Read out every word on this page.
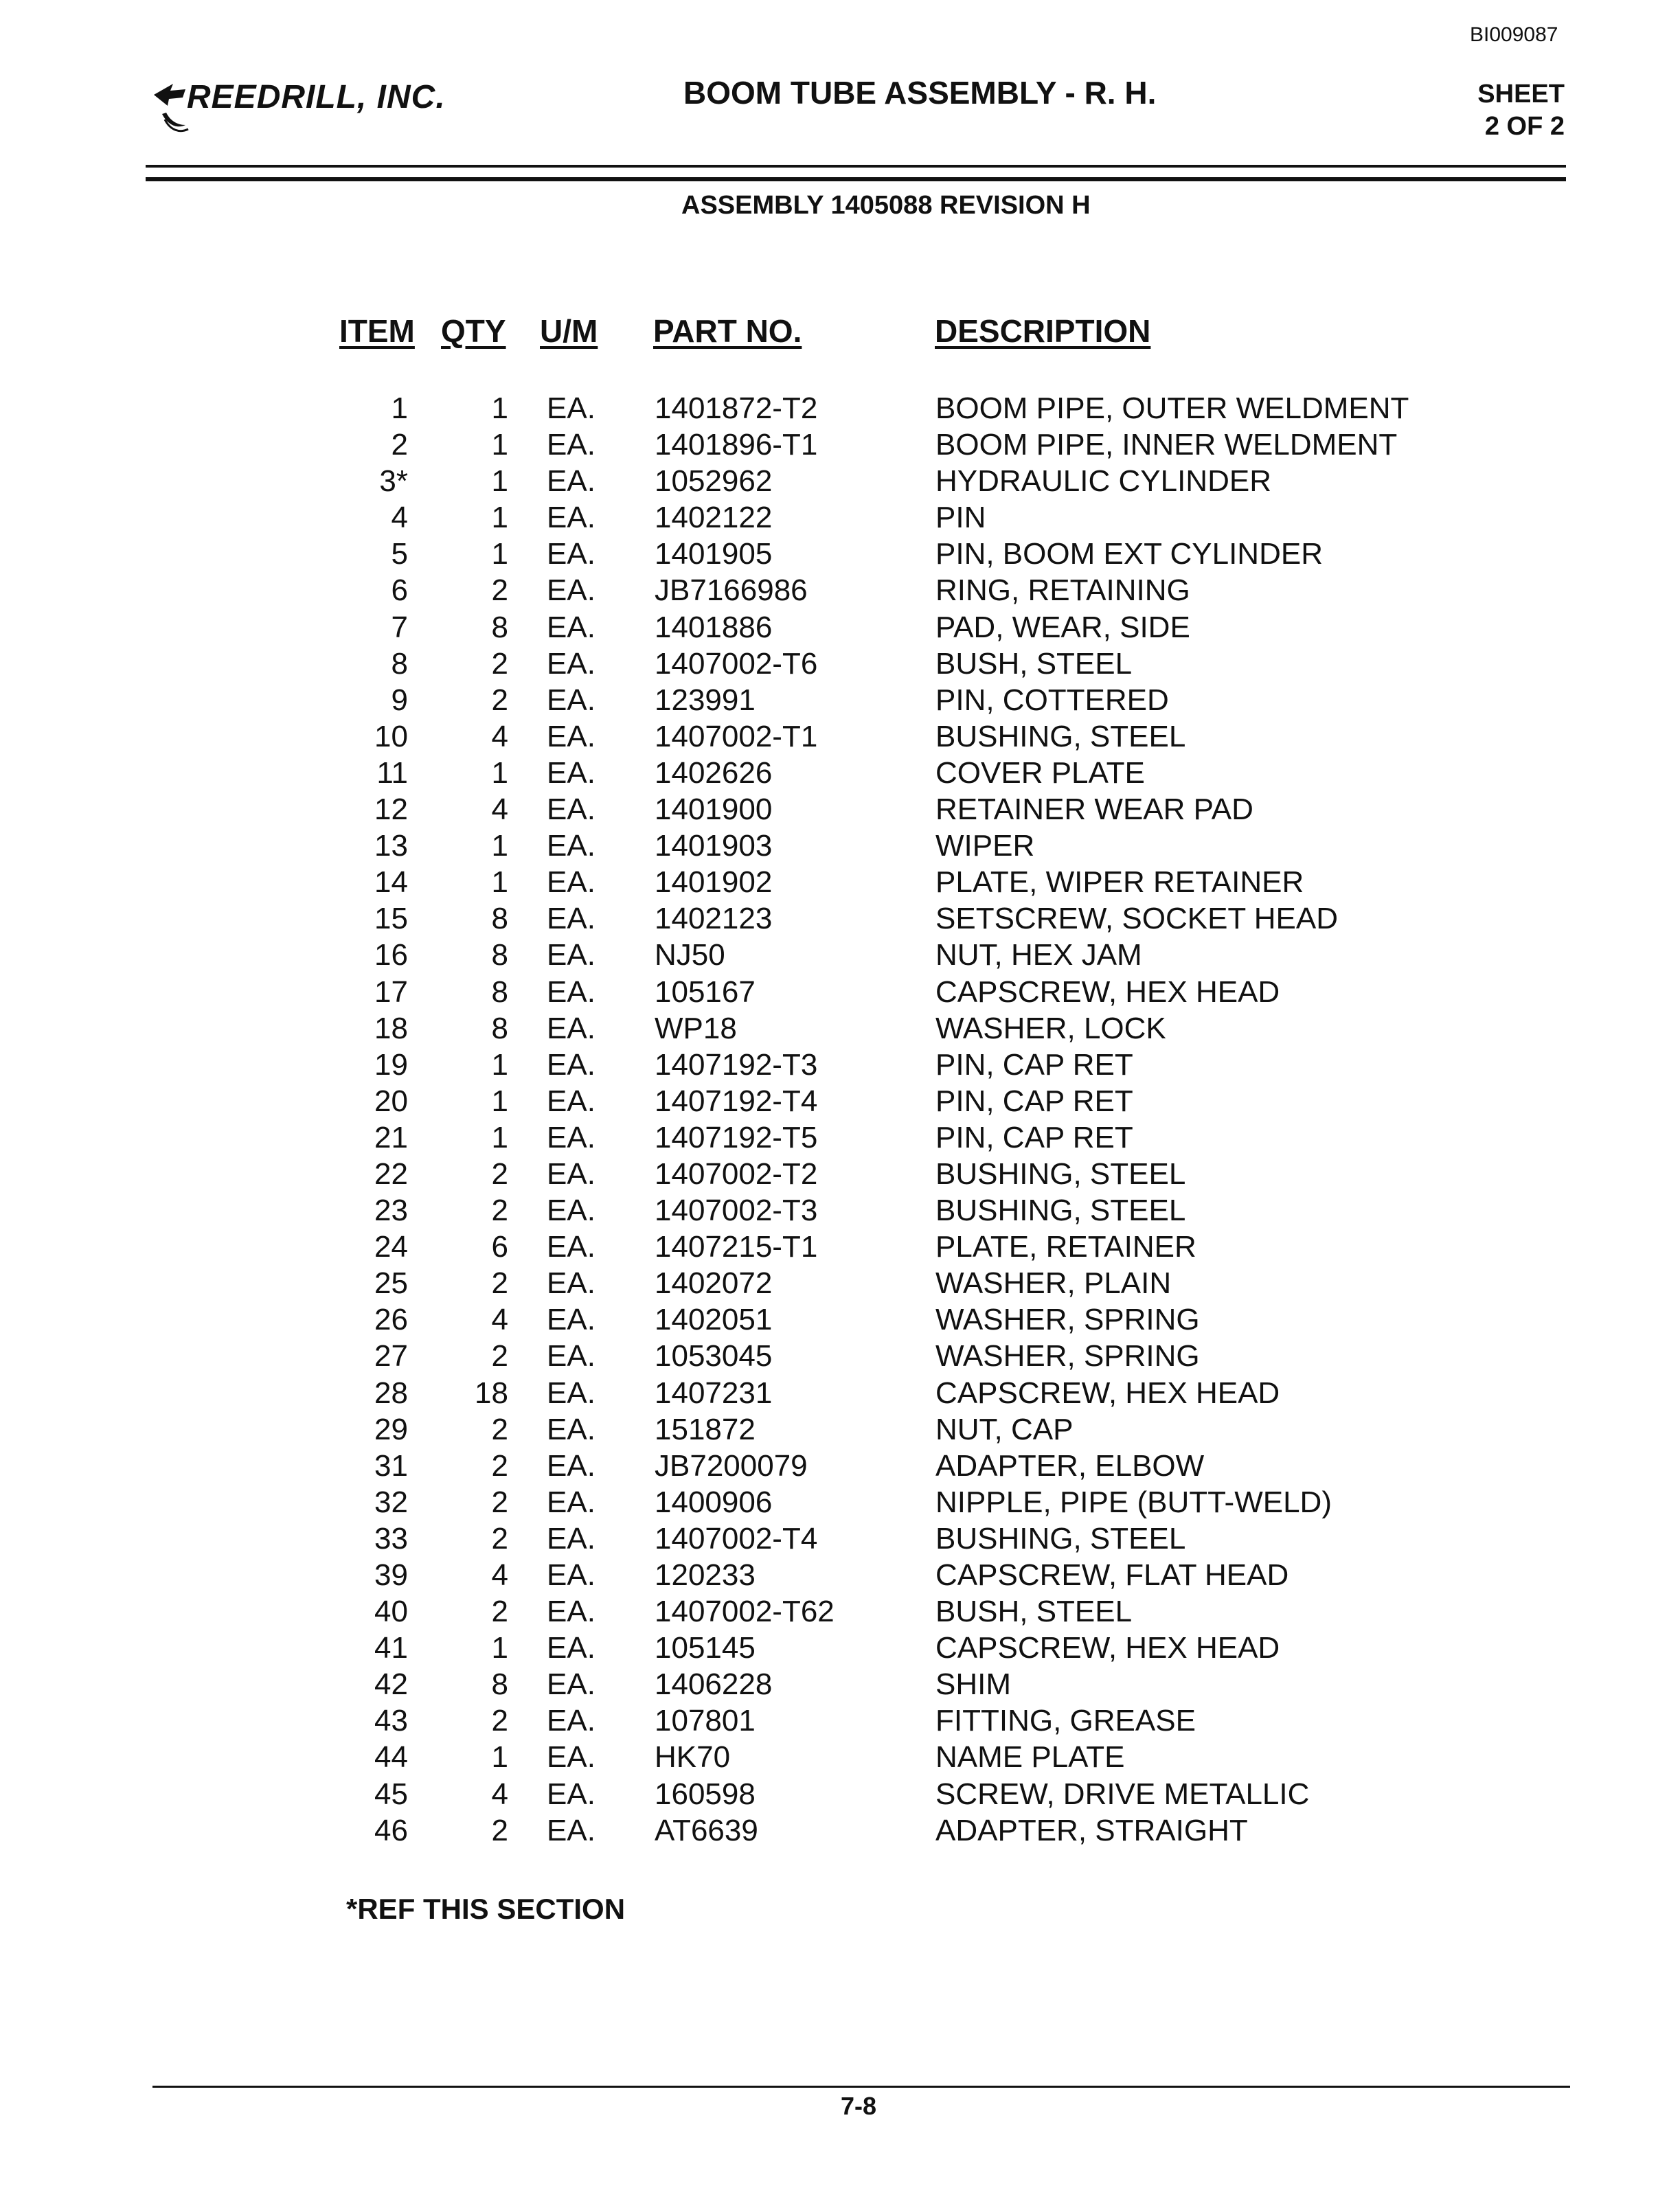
BI009087
REEDRILL, INC.	BOOM TUBE ASSEMBLY - R. H.	SHEET
2 OF 2
ASSEMBLY 1405088 REVISION H
ITEM QTY U/M PART NO.	DESCRIPTION
1	1 EA. 1401872-T2	BOOM PIPE, OUTER WELDMENT
2	1 EA. 1401896-T1	BOOM PIPE, INNER WELDMENT
3*	1 EA. 1052962	HYDRAULIC CYLINDER
4	1 EA. 1402122	PIN
5	1 EA. 1401905	PIN, BOOM EXT CYLINDER
6	2 EA. JB7166986	RING, RETAINING
7	8 EA. 1401886	PAD, WEAR, SIDE
8	2 EA. 1407002-T6	BUSH, STEEL
9	2 EA. 123991	PIN, COTTERED
10	4 EA. 1407002-T1	BUSHING, STEEL
11	1 EA. 1402626	COVER PLATE
12	4 EA. 1401900	RETAINER WEAR PAD
13	1 EA. 1401903	WIPER
14	1 EA. 1401902	PLATE, WIPER RETAINER
15	8 EA. 1402123	SETSCREW, SOCKET HEAD
16	8 EA. NJ50	NUT, HEX JAM
17	8 EA. 105167	CAPSCREW, HEX HEAD
18	8 EA. WP18	WASHER, LOCK
19	1 EA. 1407192-T3	PIN, CAP RET
20	1 EA. 1407192-T4	PIN, CAP RET
21	1 EA. 1407192-T5	PIN, CAP RET
22	2 EA. 1407002-T2	BUSHING, STEEL
23	2 EA. 1407002-T3	BUSHING, STEEL
24	6 EA. 1407215-T1	PLATE, RETAINER
25	2 EA. 1402072	WASHER, PLAIN
26	4 EA. 1402051	WASHER, SPRING
27	2 EA. 1053045	WASHER, SPRING
28	18 EA. 1407231	CAPSCREW, HEX HEAD
29	2 EA. 151872	NUT, CAP
31	2 EA. JB7200079	ADAPTER, ELBOW
32	2 EA. 1400906	NIPPLE, PIPE (BUTT-WELD)
33	2 EA. 1407002-T4	BUSHING, STEEL
39	4 EA. 120233	CAPSCREW, FLAT HEAD
40	2 EA. 1407002-T62	BUSH, STEEL
41	1 EA. 105145	CAPSCREW, HEX HEAD
42	8 EA. 1406228	SHIM
43	2 EA. 107801	FITTING, GREASE
44	1 EA. HK70	NAME PLATE
45	4 EA. 160598	SCREW, DRIVE METALLIC
46	2 EA. AT6639	ADAPTER, STRAIGHT
*REF THIS SECTION
7-8
